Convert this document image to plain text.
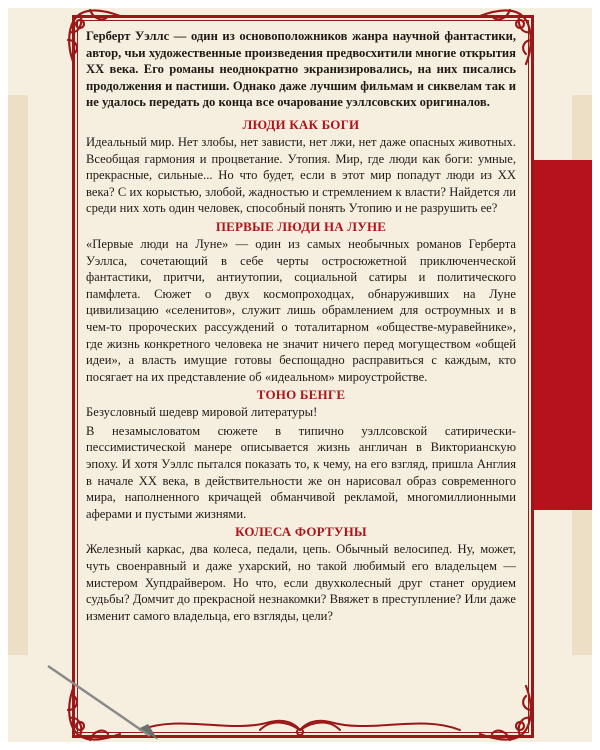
Герберт Уэллс — один из основоположников жанра научной фантастики, автор, чьи художественные произведения предвосхитили многие открытия XX века. Его романы неоднократно экранизировались, на них писались продолжения и пастиши. Однако даже лучшим фильмам и сиквелам так и не удалось передать до конца все очарование уэллсовских оригиналов.

ЛЮДИ КАК БОГИ

Идеальный мир. Нет злобы, нет зависти, нет лжи, нет даже опасных животных. Всеобщая гармония и процветание. Утопия. Мир, где люди как боги: умные, прекрасные, сильные... Но что будет, если в этот мир попадут люди из XX века? С их корыстью, злобой, жадностью и стремлением к власти? Найдется ли среди них хоть один человек, способный понять Утопию и не разрушить ее?

ПЕРВЫЕ ЛЮДИ НА ЛУНЕ

«Первые люди на Луне» — один из самых необычных романов Герберта Уэллса, сочетающий в себе черты остросюжетной приключенческой фантастики, притчи, антиутопии, социальной сатиры и политического памфлета. Сюжет о двух космопроходцах, обнаруживших на Луне цивилизацию «селенитов», служит лишь обрамлением для остроумных и в чем-то пророческих рассуждений о тоталитарном «обществе-муравейнике», где жизнь конкретного человека не значит ничего перед могуществом «общей идеи», а власть имущие готовы беспощадно расправиться с каждым, кто посягает на их представление об «идеальном» мироустройстве.

ТОНО БЕНГЕ

Безусловный шедевр мировой литературы!

В незамысловатом сюжете в типично уэллсовской сатирически-пессимистической манере описывается жизнь англичан в Викторианскую эпоху. И хотя Уэллс пытался показать то, к чему, на его взгляд, пришла Англия в начале XX века, в действительности же он нарисовал образ современного мира, наполненного кричащей обманчивой рекламой, многомиллионными аферами и пустыми жизнями.

КОЛЕСА ФОРТУНЫ

Железный каркас, два колеса, педали, цепь. Обычный велосипед. Ну, может, чуть своенравный и даже ухарский, но такой любимый его владельцем — мистером Хупдрайвером. Но что, если двухколесный друг станет орудием судьбы? Домчит до прекрасной незнакомки? Ввяжет в преступление? Или даже изменит самого владельца, его взгляды, цели?
